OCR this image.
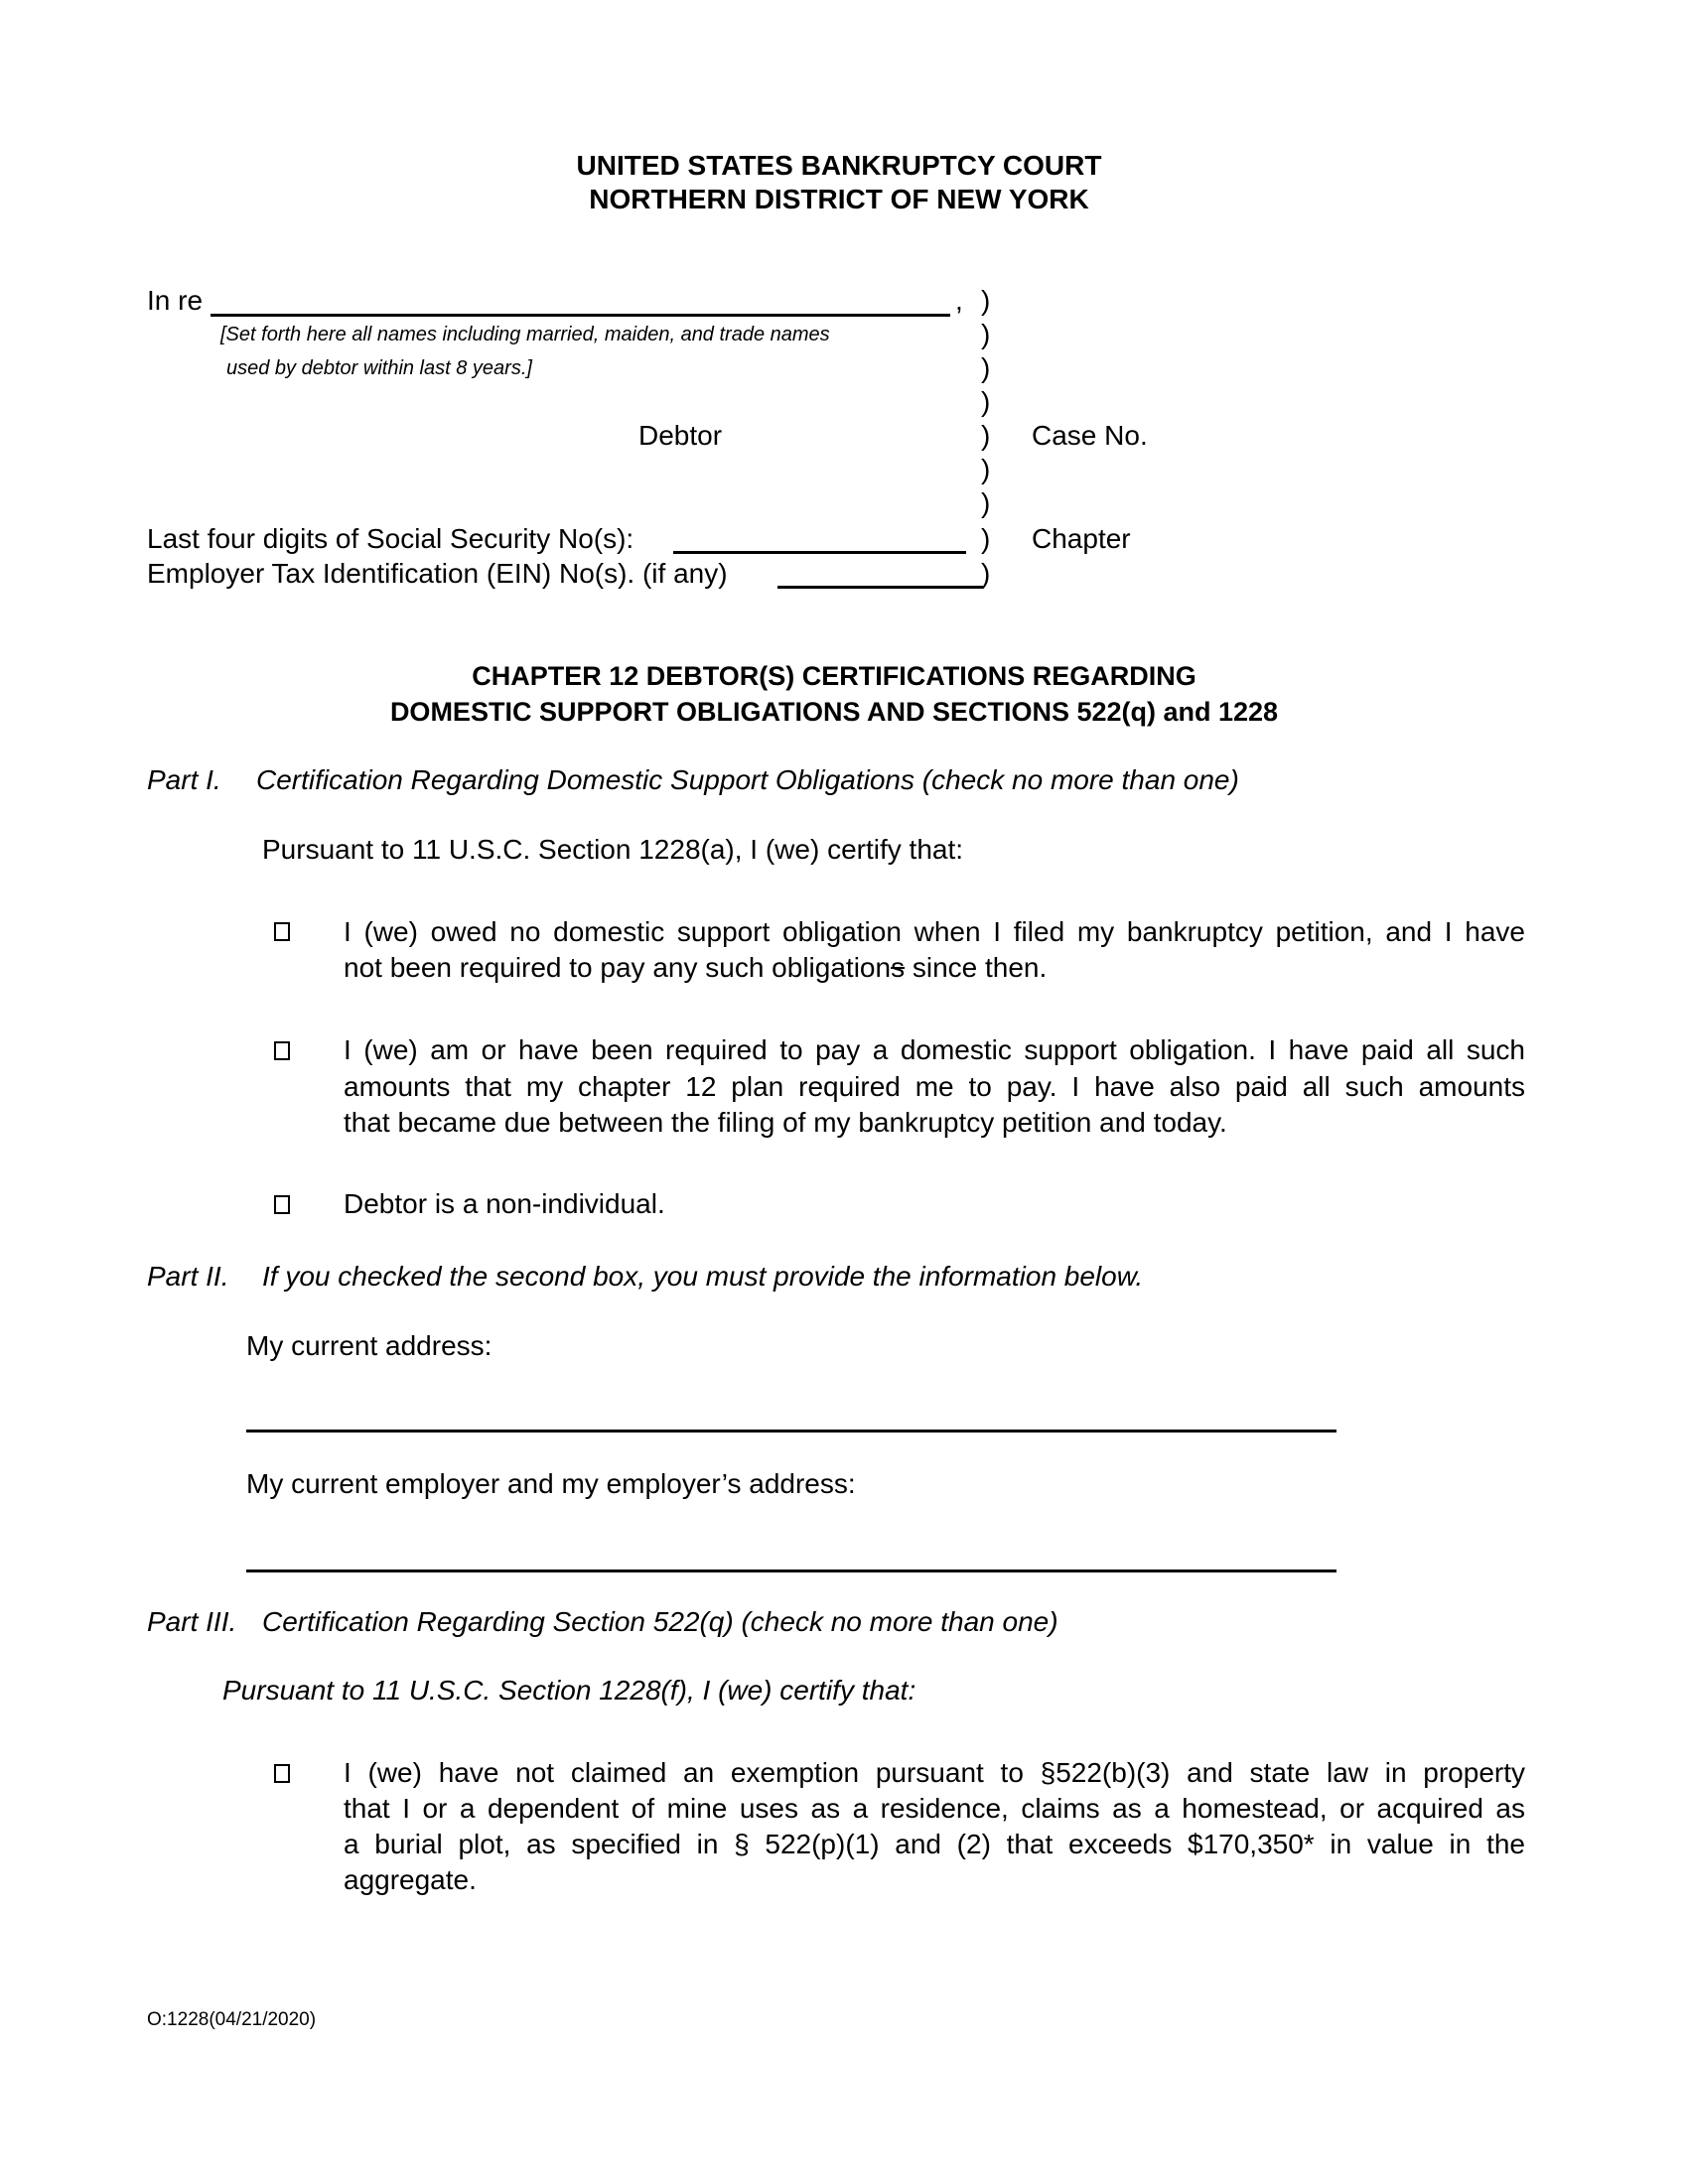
UNITED STATES BANKRUPTCY COURT
NORTHERN DISTRICT OF NEW YORK
In re	,
[Set forth here all names including married, maiden, and trade names
used by debtor within last 8 years.]
Debtor
Last four digits of Social Security No(s):
Employer Tax Identification (EIN) No(s). (if any)
)
)
)
)
)
)
)
)
)
Case No.
Chapter
CHAPTER 12 DEBTOR(S) CERTIFICATIONS REGARDING
DOMESTIC SUPPORT OBLIGATIONS AND SECTIONS 522(q) and 1228
Part I. Certification Regarding Domestic Support Obligations (check no more than one)
Pursuant to 11 U.S.C. Section 1228(a), I (we) certify that:
I (we) owed no domestic support obligation when I filed my bankruptcy petition, and I have
not been required to pay any such obligations since then.
I (we) am or have been required to pay a domestic support obligation. I have paid all such
amounts that my chapter 12 plan required me to pay. I have also paid all such amounts
that became due between the filing of my bankruptcy petition and today.
Debtor is a non-individual.
Part II. If you checked the second box, you must provide the information below.
My current address:
My current employer and my employer’s address:
Part III. Certification Regarding Section 522(q) (check no more than one)
Pursuant to 11 U.S.C. Section 1228(f), I (we) certify that:
I (we) have not claimed an exemption pursuant to §522(b)(3) and state law in property
that I or a dependent of mine uses as a residence, claims as a homestead, or acquired as
a burial plot, as specified in § 522(p)(1) and (2) that exceeds $170,350* in value in the
aggregate.
O:1228(04/21/2020)
